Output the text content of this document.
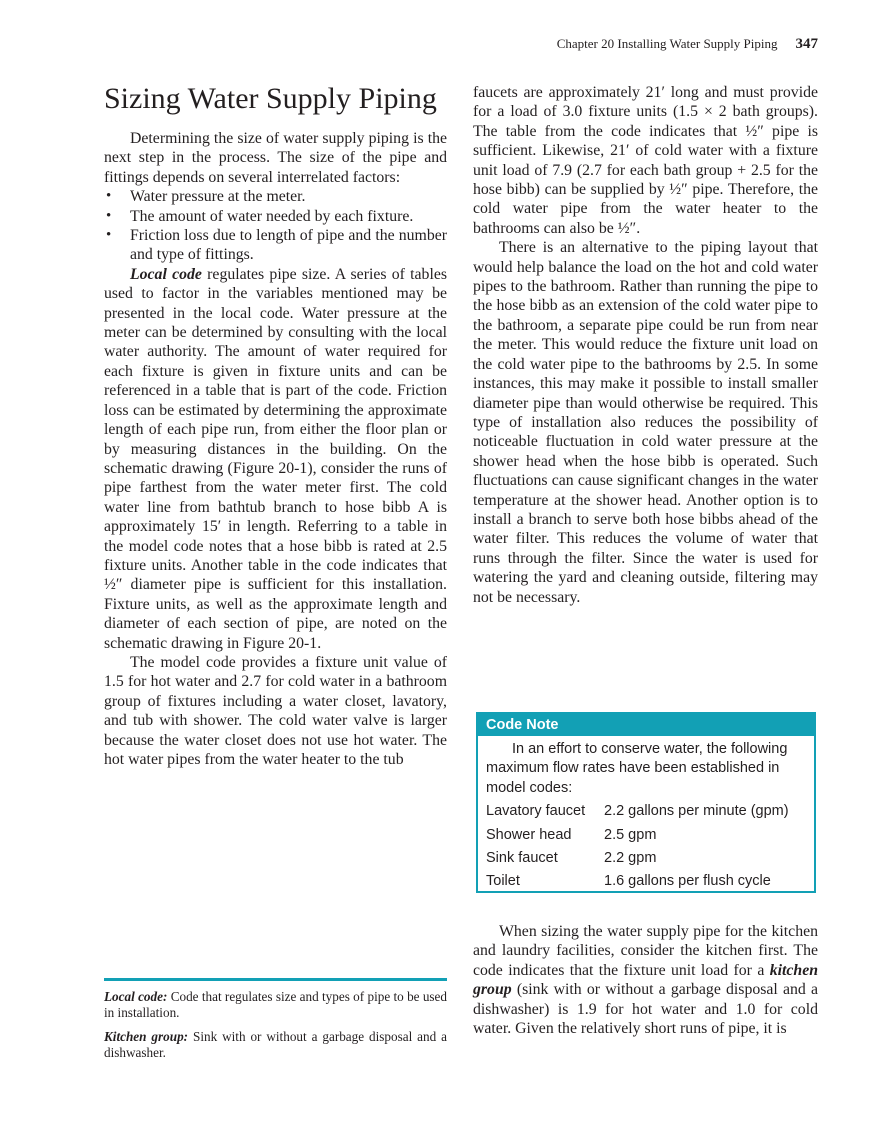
Chapter 20 Installing Water Supply Piping 347
Sizing Water Supply Piping

Determining the size of water supply piping is the next step in the process. The size of the pipe and fittings depends on several interrelated factors:

• Water pressure at the meter.
• The amount of water needed by each fixture.
• Friction loss due to length of pipe and the number and type of fittings.

Local code regulates pipe size. A series of tables used to factor in the variables mentioned may be presented in the local code. Water pressure at the meter can be determined by consulting with the local water authority. The amount of water required for each fixture is given in fixture units and can be referenced in a table that is part of the code. Friction loss can be estimated by determining the approximate length of each pipe run, from either the floor plan or by measuring distances in the building. On the schematic drawing (Figure 20-1), consider the runs of pipe farthest from the water meter first. The cold water line from bathtub branch to hose bibb A is approximately 15′ in length. Referring to a table in the model code notes that a hose bibb is rated at 2.5 fixture units. Another table in the code indicates that ½″ diameter pipe is sufficient for this installation. Fixture units, as well as the approximate length and diameter of each section of pipe, are noted on the schematic drawing in Figure 20-1.

The model code provides a fixture unit value of 1.5 for hot water and 2.7 for cold water in a bathroom group of fixtures including a water closet, lavatory, and tub with shower. The cold water valve is larger because the water closet does not use hot water. The hot water pipes from the water heater to the tub

Local code: Code that regulates size and types of pipe to be used in installation.
Kitchen group: Sink with or without a garbage disposal and a dishwasher.

faucets are approximately 21′ long and must provide for a load of 3.0 fixture units (1.5 × 2 bath groups). The table from the code indicates that ½″ pipe is sufficient. Likewise, 21′ of cold water with a fixture unit load of 7.9 (2.7 for each bath group + 2.5 for the hose bibb) can be supplied by ½″ pipe. Therefore, the cold water pipe from the water heater to the bathrooms can also be ½″.

There is an alternative to the piping layout that would help balance the load on the hot and cold water pipes to the bathroom. Rather than running the pipe to the hose bibb as an extension of the cold water pipe to the bathroom, a separate pipe could be run from near the meter. This would reduce the fixture unit load on the cold water pipe to the bathrooms by 2.5. In some instances, this may make it possible to install smaller diameter pipe than would otherwise be required. This type of installation also reduces the possibility of noticeable fluctuation in cold water pressure at the shower head when the hose bibb is operated. Such fluctuations can cause significant changes in the water temperature at the shower head. Another option is to install a branch to serve both hose bibbs ahead of the water filter. This reduces the volume of water that runs through the filter. Since the water is used for watering the yard and cleaning outside, filtering may not be necessary.

Code Note
In an effort to conserve water, the following maximum flow rates have been established in model codes:
Lavatory faucet	2.2 gallons per minute (gpm)
Shower head	2.5 gpm
Sink faucet	2.2 gpm
Toilet	1.6 gallons per flush cycle

When sizing the water supply pipe for the kitchen and laundry facilities, consider the kitchen first. The code indicates that the fixture unit load for a kitchen group (sink with or without a garbage disposal and a dishwasher) is 1.9 for hot water and 1.0 for cold water. Given the relatively short runs of pipe, it is
